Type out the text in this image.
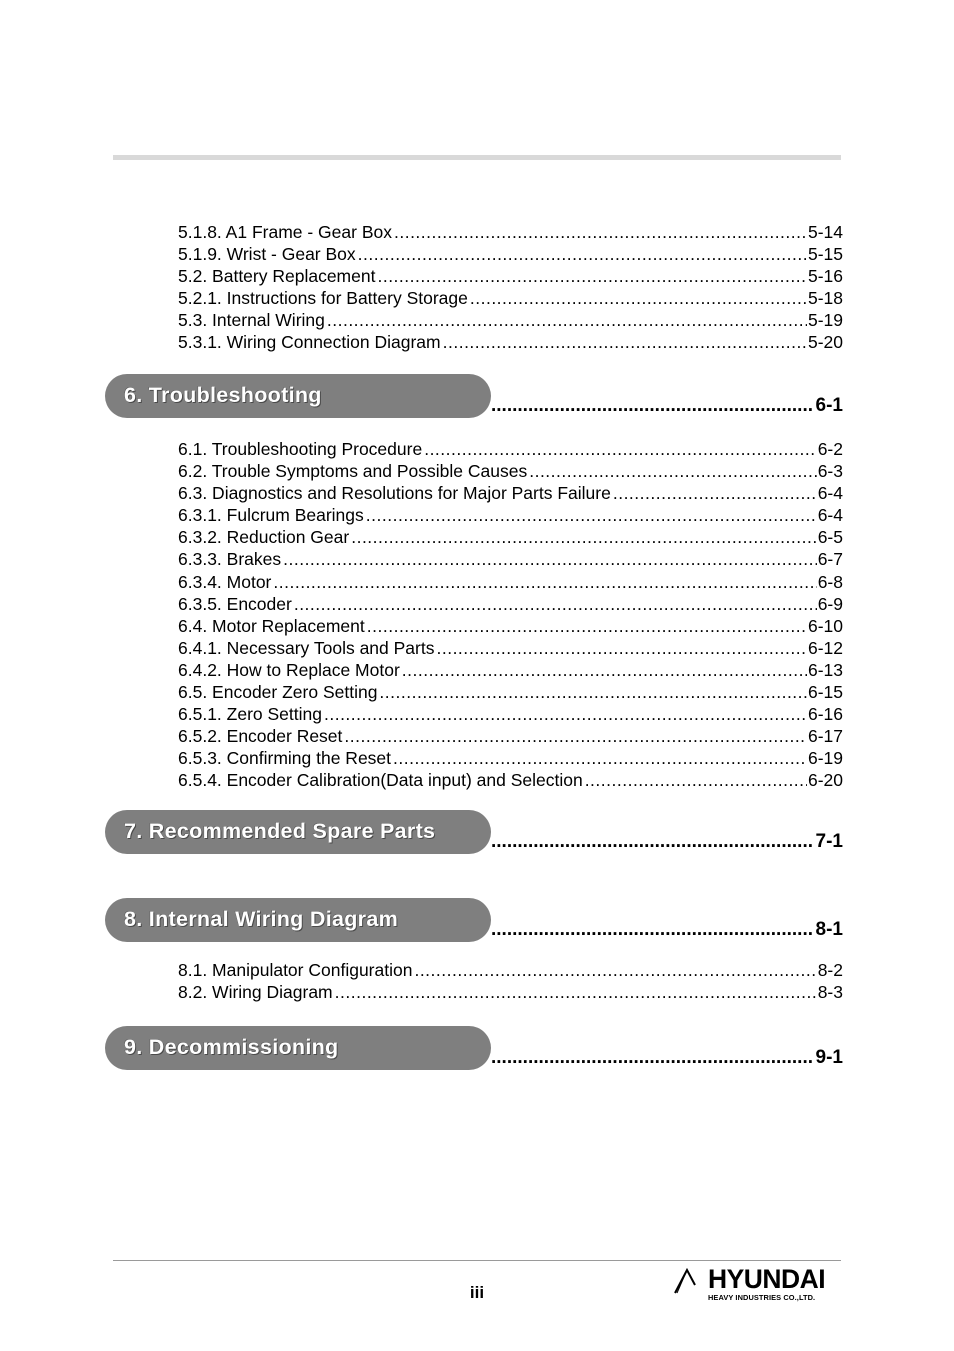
5.1.8. A1 Frame - Gear Box .....	5-14
5.1.9. Wrist - Gear Box .....	5-15
5.2. Battery Replacement .....	5-16
5.2.1. Instructions for Battery Storage .....	5-18
5.3. Internal Wiring .....	5-19
5.3.1. Wiring Connection Diagram .....	5-20
6. Troubleshooting .....	6-1
6.1. Troubleshooting Procedure .....	6-2
6.2. Trouble Symptoms and Possible Causes .....	6-3
6.3. Diagnostics and Resolutions for Major Parts Failure .....	6-4
6.3.1. Fulcrum Bearings .....	6-4
6.3.2. Reduction Gear .....	6-5
6.3.3. Brakes .....	6-7
6.3.4. Motor .....	6-8
6.3.5. Encoder .....	6-9
6.4. Motor Replacement .....	6-10
6.4.1. Necessary Tools and Parts .....	6-12
6.4.2. How to Replace Motor .....	6-13
6.5. Encoder Zero Setting .....	6-15
6.5.1. Zero Setting .....	6-16
6.5.2. Encoder Reset .....	6-17
6.5.3. Confirming the Reset .....	6-19
6.5.4. Encoder Calibration(Data input) and Selection .....	6-20
7. Recommended Spare Parts .....	7-1
8. Internal Wiring Diagram .....	8-1
8.1. Manipulator Configuration .....	8-2
8.2. Wiring Diagram .....	8-3
9. Decommissioning .....	9-1
iii	HYUNDAI
HEAVY INDUSTRIES CO.,LTD.
